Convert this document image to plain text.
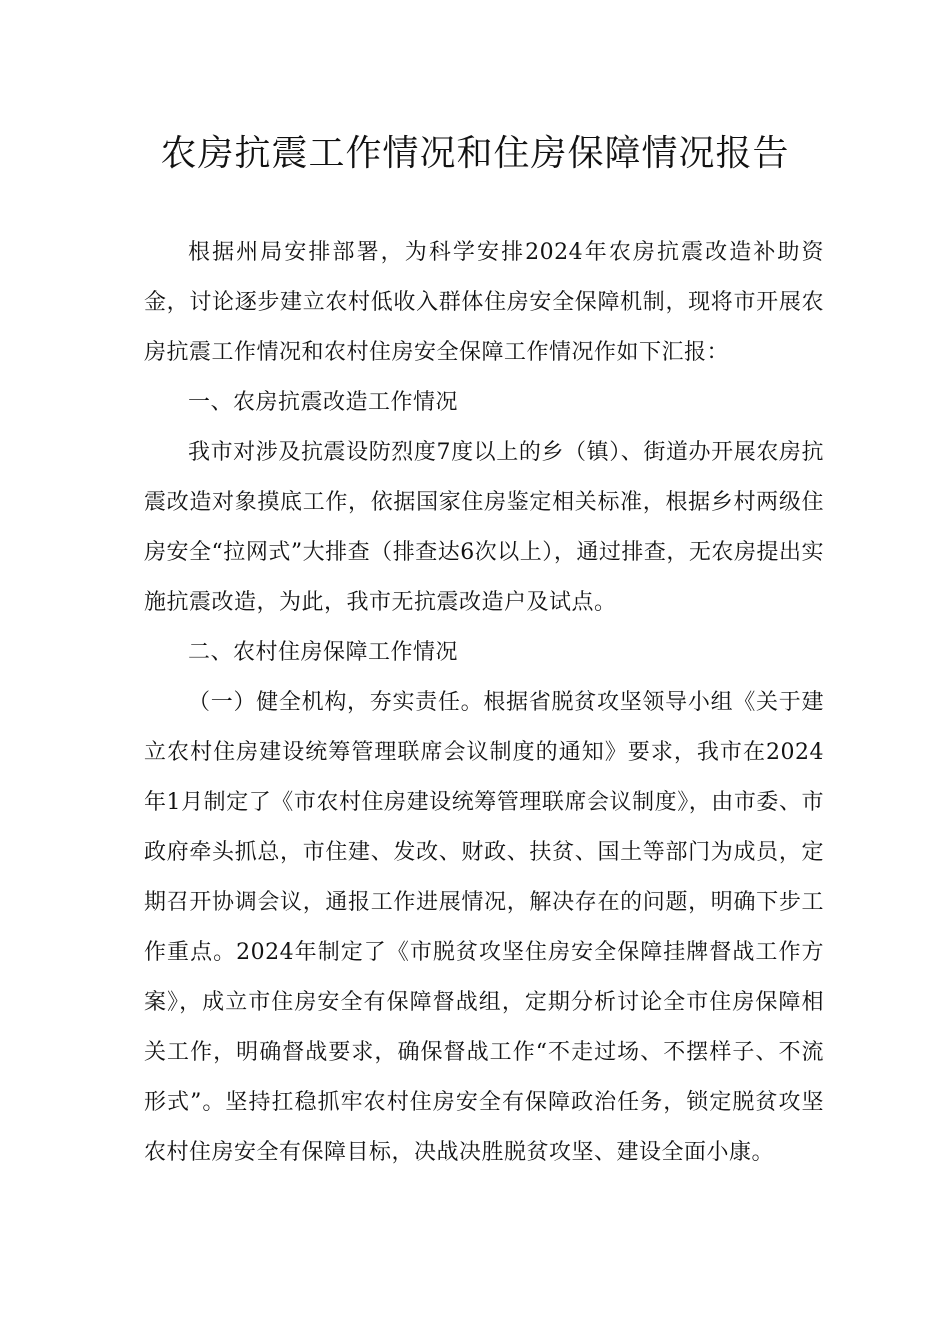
农房抗震工作情况和住房保障情况报告

根据州局安排部署，为科学安排2024年农房抗震改造补助资金，讨论逐步建立农村低收入群体住房安全保障机制，现将市开展农房抗震工作情况和农村住房安全保障工作情况作如下汇报：

一、农房抗震改造工作情况

我市对涉及抗震设防烈度7度以上的乡（镇）、街道办开展农房抗震改造对象摸底工作，依据国家住房鉴定相关标准，根据乡村两级住房安全“拉网式”大排查（排查达6次以上），通过排查，无农房提出实施抗震改造，为此，我市无抗震改造户及试点。

二、农村住房保障工作情况

（一）健全机构，夯实责任。根据省脱贫攻坚领导小组《关于建立农村住房建设统筹管理联席会议制度的通知》要求，我市在2024年1月制定了《市农村住房建设统筹管理联席会议制度》，由市委、市政府牵头抓总，市住建、发改、财政、扶贫、国土等部门为成员，定期召开协调会议，通报工作进展情况，解决存在的问题，明确下步工作重点。2024年制定了《市脱贫攻坚住房安全保障挂牌督战工作方案》，成立市住房安全有保障督战组，定期分析讨论全市住房保障相关工作，明确督战要求，确保督战工作“不走过场、不摆样子、不流形式”。坚持扛稳抓牢农村住房安全有保障政治任务，锁定脱贫攻坚农村住房安全有保障目标，决战决胜脱贫攻坚、建设全面小康。
